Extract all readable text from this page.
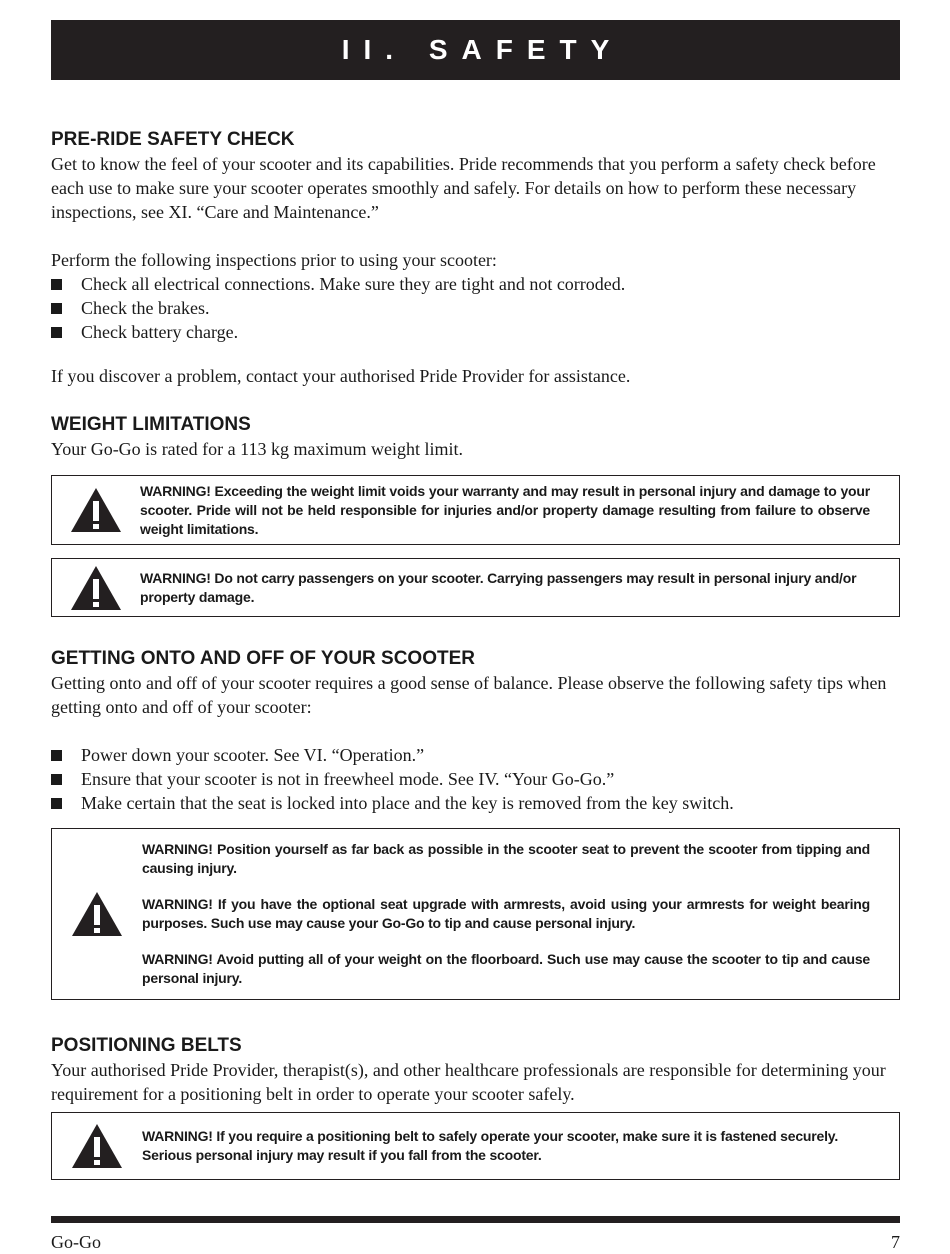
II. SAFETY
PRE-RIDE SAFETY CHECK

Get to know the feel of your scooter and its capabilities. Pride recommends that you perform a safety check before each use to make sure your scooter operates smoothly and safely. For details on how to perform these necessary inspections, see XI. “Care and Maintenance.”

Perform the following inspections prior to using your scooter:

Check all electrical connections. Make sure they are tight and not corroded.
Check the brakes.
Check battery charge.

If you discover a problem, contact your authorised Pride Provider for assistance.

WEIGHT LIMITATIONS

Your Go-Go is rated for a 113 kg maximum weight limit.

WARNING! Exceeding the weight limit voids your warranty and may result in personal injury and damage to your scooter. Pride will not be held responsible for injuries and/or property damage resulting from failure to observe weight limitations.

WARNING! Do not carry passengers on your scooter. Carrying passengers may result in personal injury and/or property damage.

GETTING ONTO AND OFF OF YOUR SCOOTER

Getting onto and off of your scooter requires a good sense of balance. Please observe the following safety tips when getting onto and off of your scooter:

Power down your scooter. See VI. “Operation.”
Ensure that your scooter is not in freewheel mode. See IV. “Your Go-Go.”
Make certain that the seat is locked into place and the key is removed from the key switch.

WARNING! Position yourself as far back as possible in the scooter seat to prevent the scooter from tipping and causing injury.

WARNING! If you have the optional seat upgrade with armrests, avoid using your armrests for weight bearing purposes. Such use may cause your Go-Go to tip and cause personal injury.

WARNING! Avoid putting all of your weight on the floorboard. Such use may cause the scooter to tip and cause personal injury.

POSITIONING BELTS

Your authorised Pride Provider, therapist(s), and other healthcare professionals are responsible for determining your requirement for a positioning belt in order to operate your scooter safely.

WARNING! If you require a positioning belt to safely operate your scooter, make sure it is fastened securely. Serious personal injury may result if you fall from the scooter.

Go-Go	7
